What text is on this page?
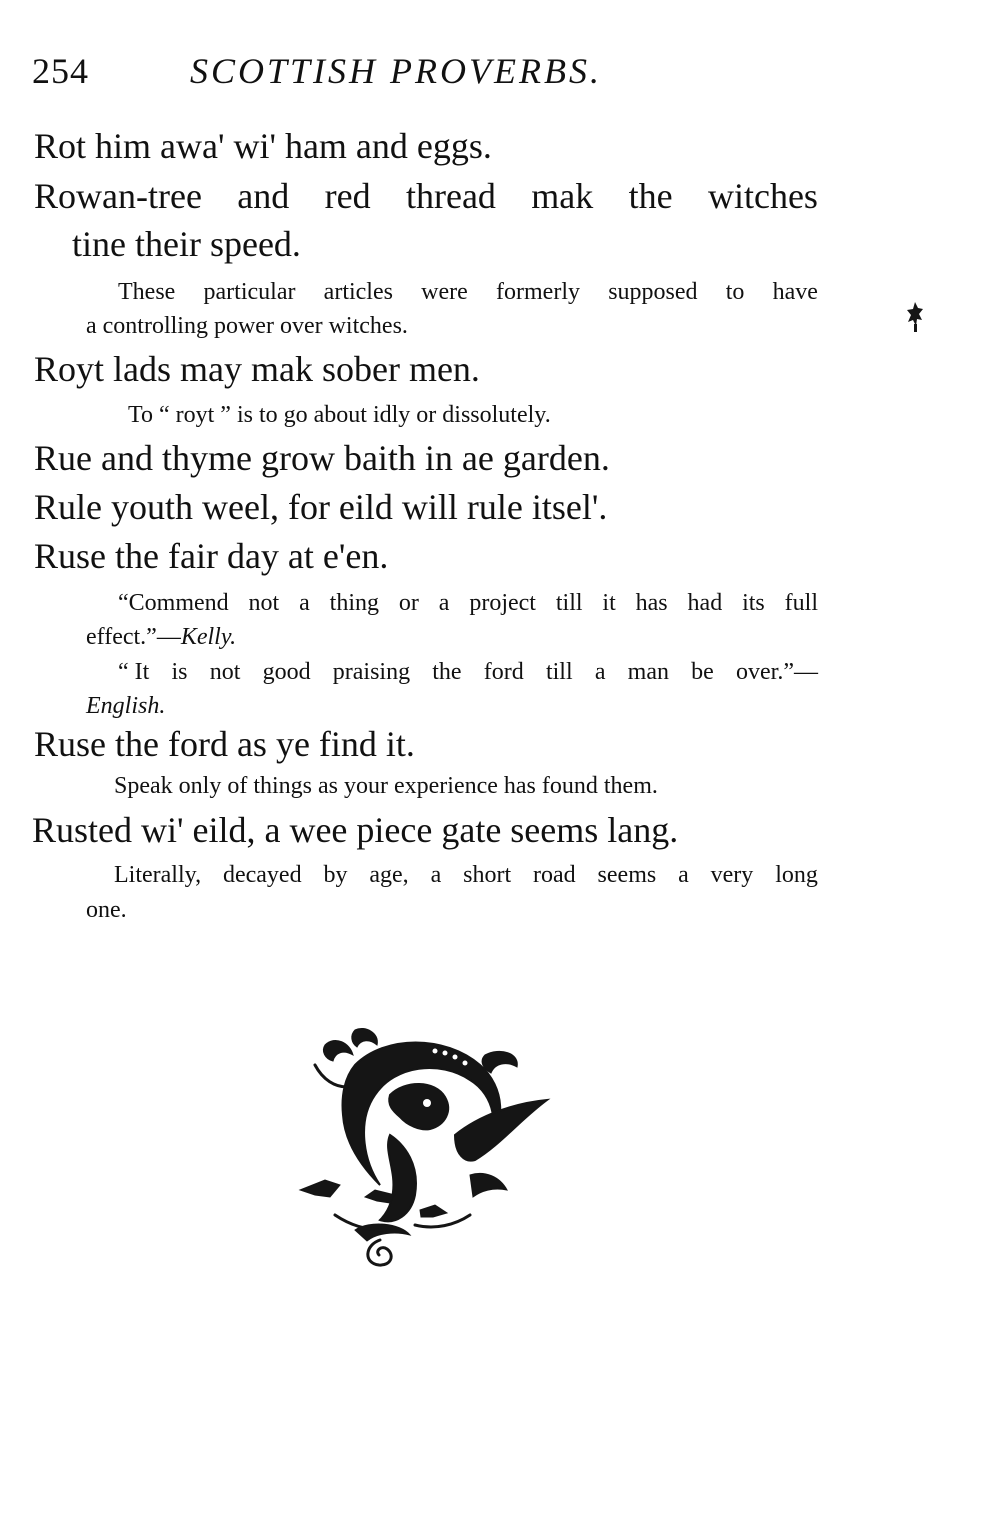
254	SCOTTISH PROVERBS.
Rot him awa' wi' ham and eggs.
Rowan-tree and red thread mak the witches
tine their speed.
These particular articles were formerly supposed to have
a controlling power over witches.
Royt lads may mak sober men.
To “ royt ” is to go about idly or dissolutely.
Rue and thyme grow baith in ae garden.
Rule youth weel, for eild will rule itsel'.
Ruse the fair day at e'en.
“Commend not a thing or a project till it has had its full
effect.”—Kelly.
“ It is not good praising the ford till a man be over.”—
English.
Ruse the ford as ye find it.
Speak only of things as your experience has found them.
Rusted wi' eild, a wee piece gate seems lang.
Literally, decayed by age, a short road seems a very long
one.
